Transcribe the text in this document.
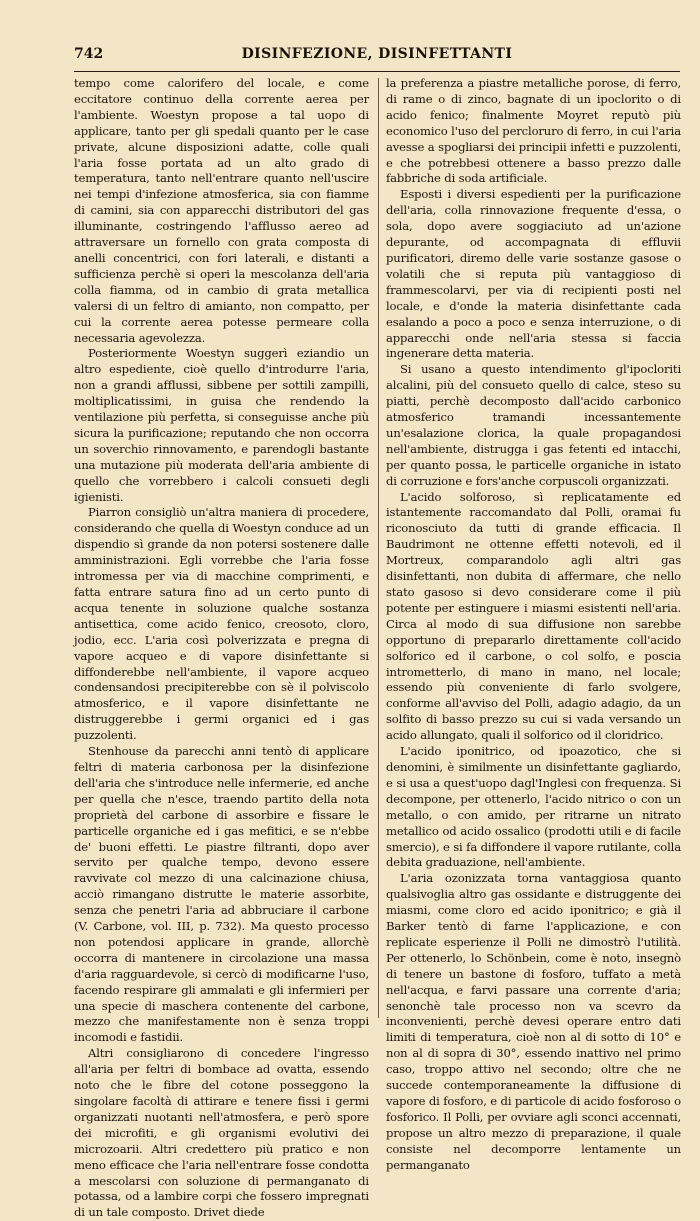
742	DISINFEZIONE, DISINFETTANTI

tempo come calorifero del locale, e come eccitatore continuo della corrente aerea per l'ambiente. Woestyn propose a tal uopo di applicare, tanto per gli spedali quanto per le case private, alcune disposizioni adatte, colle quali l'aria fosse portata ad un alto grado di temperatura, tanto nell'entrare quanto nell'uscire nei tempi d'infezione atmosferica, sia con fiamme di camini, sia con apparecchi distributori del gas illuminante, costringendo l'afflusso aereo ad attraversare un fornello con grata composta di anelli concentrici, con fori laterali, e distanti a sufficienza perchè si operi la mescolanza dell'aria colla fiamma, od in cambio di grata metallica valersi di un feltro di amianto, non compatto, per cui la corrente aerea potesse permeare colla necessaria agevolezza.

Posteriormente Woestyn suggerì eziandio un altro espediente, cioè quello d'introdurre l'aria, non a grandi afflussi, sibbene per sottili zampilli, moltiplicatissimi, in guisa che rendendo la ventilazione più perfetta, si conseguisse anche più sicura la purificazione; reputando che non occorra un soverchio rinnovamento, e parendogli bastante una mutazione più moderata dell'aria ambiente di quello che vorrebbero i calcoli consueti degli igienisti.

Piarron consigliò un'altra maniera di procedere, considerando che quella di Woestyn conduce ad un dispendio sì grande da non potersi sostenere dalle amministrazioni. Egli vorrebbe che l'aria fosse intromessa per via di macchine comprimenti, e fatta entrare satura fino ad un certo punto di acqua tenente in soluzione qualche sostanza antisettica, come acido fenico, creosoto, cloro, jodio, ecc. L'aria così polverizzata e pregna di vapore acqueo e di vapore disinfettante si diffonderebbe nell'ambiente, il vapore acqueo condensandosi precipiterebbe con sè il polviscolo atmosferico, e il vapore disinfettante ne distruggerebbe i germi organici ed i gas puzzolenti.

Stenhouse da parecchi anni tentò di applicare feltri di materia carbonosa per la disinfezione dell'aria che s'introduce nelle infermerie, ed anche per quella che n'esce, traendo partito della nota proprietà del carbone di assorbire e fissare le particelle organiche ed i gas mefitici, e se n'ebbe de' buoni effetti. Le piastre filtranti, dopo aver servito per qualche tempo, devono essere ravvivate col mezzo di una calcinazione chiusa, acciò rimangano distrutte le materie assorbite, senza che penetri l'aria ad abbruciare il carbone (V. Carbone, vol. III, p. 732). Ma questo processo non potendosi applicare in grande, allorchè occorra di mantenere in circolazione una massa d'aria ragguardevole, si cercò di modificarne l'uso, facendo respirare gli ammalati e gli infermieri per una specie di maschera contenente del carbone, mezzo che manifestamente non è senza troppi incomodi e fastidii.

Altri consigliarono di concedere l'ingresso all'aria per feltri di bombace ad ovatta, essendo noto che le fibre del cotone posseggono la singolare facoltà di attirare e tenere fissi i germi organizzati nuotanti nell'atmosfera, e però spore dei microfiti, e gli organismi evolutivi dei microzoarii. Altri credettero più pratico e non meno efficace che l'aria nell'entrare fosse condotta a mescolarsi con soluzione di permanganato di potassa, od a lambire corpi che fossero impregnati di un tale composto. Drivet diede

la preferenza a piastre metalliche porose, di ferro, di rame o di zinco, bagnate di un ipoclorito o di acido fenico; finalmente Moyret reputò più economico l'uso del percloruro di ferro, in cui l'aria avesse a spogliarsi dei principii infetti e puzzolenti, e che potrebbesi ottenere a basso prezzo dalle fabbriche di soda artificiale.

Esposti i diversi espedienti per la purificazione dell'aria, colla rinnovazione frequente d'essa, o sola, dopo avere soggiaciuto ad un'azione depurante, od accompagnata di effluvii purificatori, diremo delle varie sostanze gasose o volatili che si reputa più vantaggioso di frammescolarvi, per via di recipienti posti nel locale, e d'onde la materia disinfettante cada esalando a poco a poco e senza interruzione, o di apparecchi onde nell'aria stessa si faccia ingenerare detta materia.

Si usano a questo intendimento gl'ipocloriti alcalini, più del consueto quello di calce, steso su piatti, perchè decomposto dall'acido carbonico atmosferico tramandi incessantemente un'esalazione clorica, la quale propagandosi nell'ambiente, distrugga i gas fetenti ed intacchi, per quanto possa, le particelle organiche in istato di corruzione e fors'anche corpuscoli organizzati.

L'acido solforoso, sì replicatamente ed istantemente raccomandato dal Polli, oramai fu riconosciuto da tutti di grande efficacia. Il Baudrimont ne ottenne effetti notevoli, ed il Mortreux, comparandolo agli altri gas disinfettanti, non dubita di affermare, che nello stato gasoso si devo considerare come il più potente per estinguere i miasmi esistenti nell'aria. Circa al modo di sua diffusione non sarebbe opportuno di prepararlo direttamente coll'acido solforico ed il carbone, o col solfo, e poscia intrometterlo, di mano in mano, nel locale; essendo più conveniente di farlo svolgere, conforme all'avviso del Polli, adagio adagio, da un solfito di basso prezzo su cui si vada versando un acido allungato, quali il solforico od il cloridrico.

L'acido iponitrico, od ipoazotico, che si denomini, è similmente un disinfettante gagliardo, e si usa a quest'uopo dagl'Inglesi con frequenza. Si decompone, per ottenerlo, l'acido nitrico o con un metallo, o con amido, per ritrarne un nitrato metallico od acido ossalico (prodotti utili e di facile smercio), e si fa diffondere il vapore rutilante, colla debita graduazione, nell'ambiente.

L'aria ozonizzata torna vantaggiosa quanto qualsivoglia altro gas ossidante e distruggente dei miasmi, come cloro ed acido iponitrico; e già il Barker tentò di farne l'applicazione, e con replicate esperienze il Polli ne dimostrò l'utilità. Per ottenerlo, lo Schönbein, come è noto, insegnò di tenere un bastone di fosforo, tuffato a metà nell'acqua, e farvi passare una corrente d'aria; senonchè tale processo non va scevro da inconvenienti, perchè devesi operare entro dati limiti di temperatura, cioè non al di sotto di 10° e non al di sopra di 30°, essendo inattivo nel primo caso, troppo attivo nel secondo; oltre che ne succede contemporaneamente la diffusione di vapore di fosforo, e di particole di acido fosforoso o fosforico. Il Polli, per ovviare agli sconci accennati, propose un altro mezzo di preparazione, il quale consiste nel decomporre lentamente un permanganato
